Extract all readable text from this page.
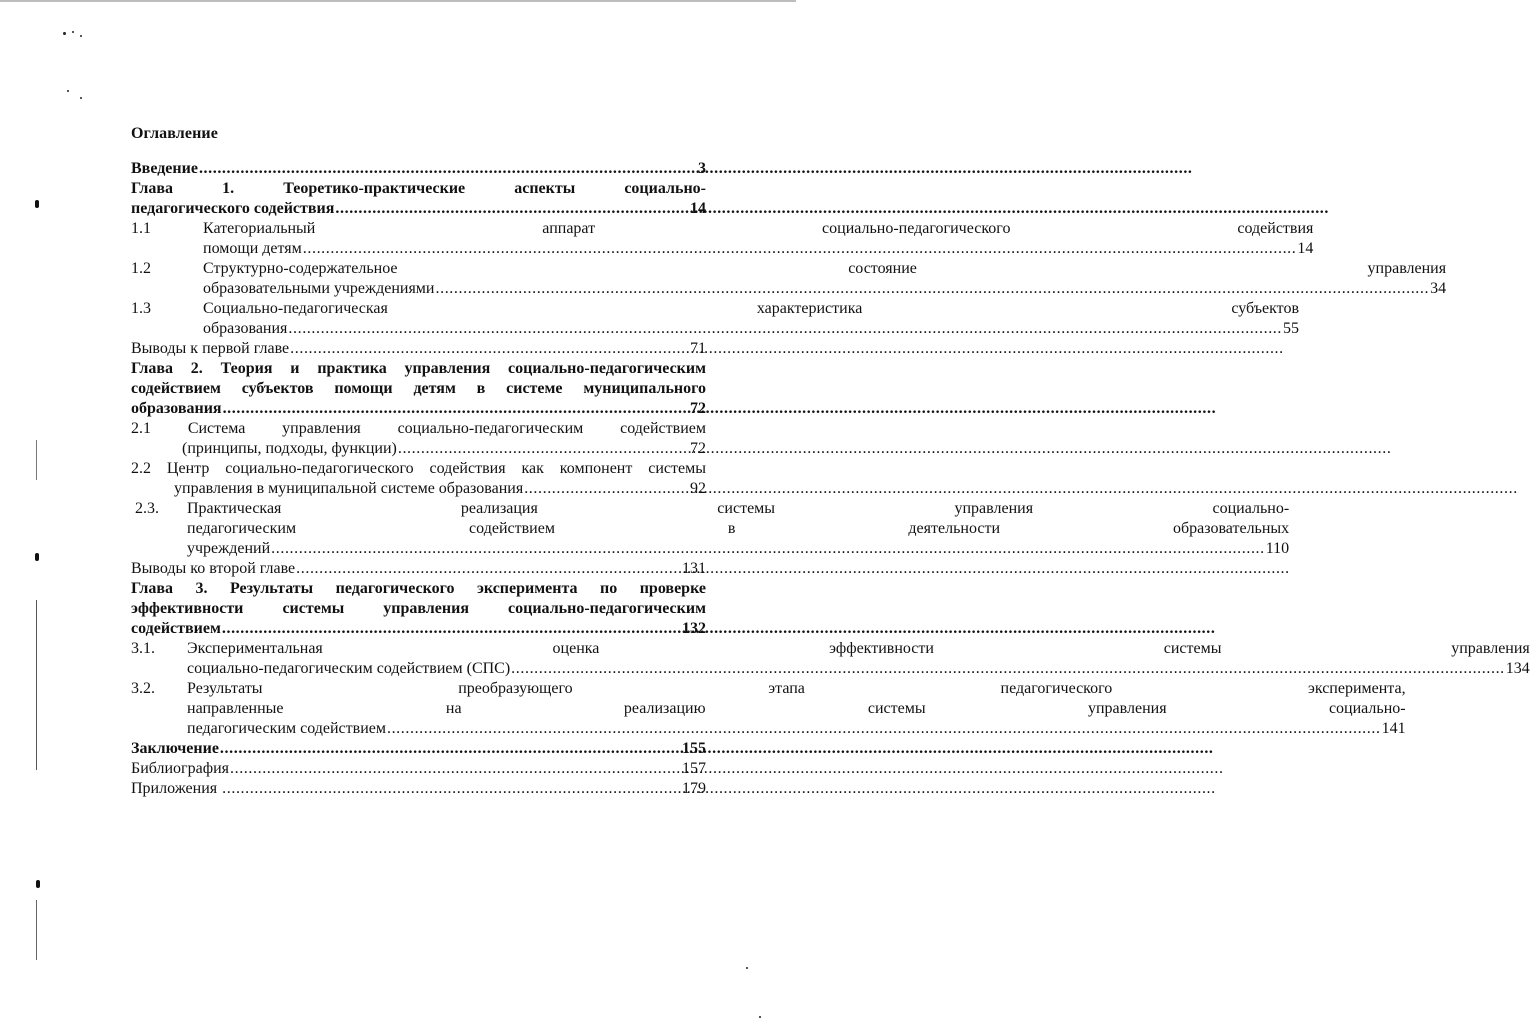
Оглавление
Введение .....	3
Глава 1. Теоретико-практические аспекты социально-
педагогического содействия .....	14
1.1	Категориальный аппарат социально-педагогического содействия
помощи детям .....	14
1.2	Структурно-содержательное состояние управления
образовательными учреждениями .....	34
1.3	Социально-педагогическая характеристика субъектов
образования .....	55
Выводы к первой главе .....	71
Глава 2. Теория и практика управления социально-педагогическим
содействием субъектов помощи детям в системе муниципального
образования .....	72
2.1 Система управления социально-педагогическим содействием
(принципы, подходы, функции) .....	72
2.2 Центр социально-педагогического содействия как компонент системы
управления в муниципальной системе образования .....	92
2.3.	Практическая реализация системы управления социально-
педагогическим содействием в деятельности образовательных
учреждений .....	110
Выводы ко второй главе .....	131
Глава 3. Результаты педагогического эксперимента по проверке
эффективности системы управления социально-педагогическим
содействием .....	132
3.1.	Экспериментальная оценка эффективности системы управления
социально-педагогическим содействием (СПС) .....	134
3.2.	Результаты преобразующего этапа педагогического эксперимента,
направленные на реализацию системы управления социально-
педагогическим содействием .....	141
Заключение .....	155
Библиография .....	157
Приложения .....	179
